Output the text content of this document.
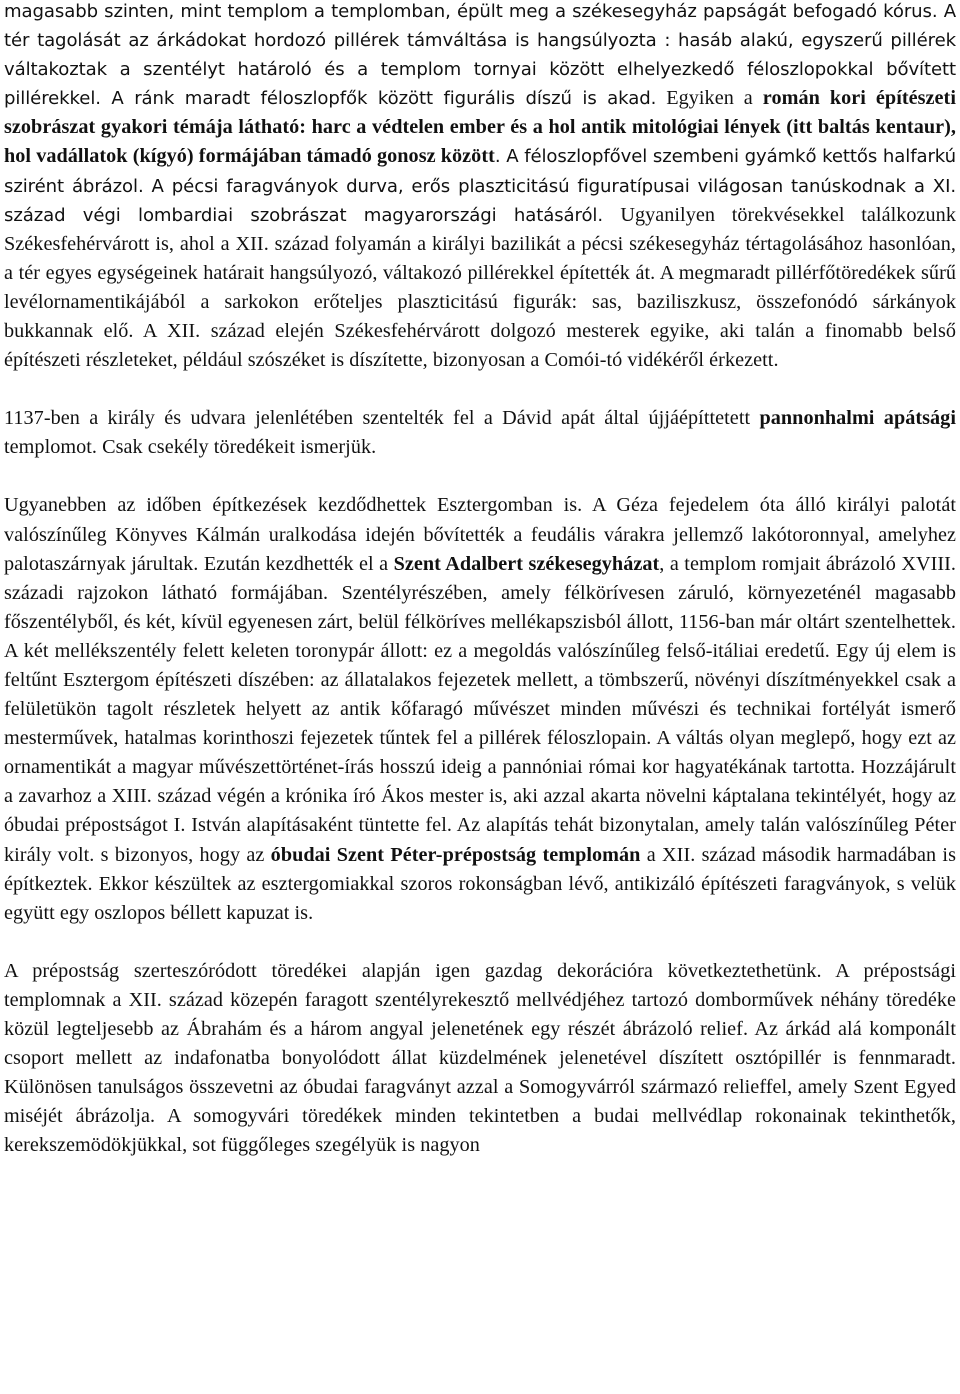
magasabb szinten, mint templom a templomban, épült meg a székesegyház papságát befogadó kórus. A tér tagolását az árkádokat hordozó pillérek támváltása is hangsúlyozta : hasáb alakú, egyszerű pillérek váltakoztak a szentélyt határoló és a templom tornyai között elhelyezkedő féloszlopokkal bővített pillérekkel. A ránk maradt féloszlopfők között figurális díszű is akad. Egyiken a román kori építészeti szobrászat gyakori témája látható: harc a védtelen ember és a hol antik mitológiai lények (itt baltás kentaur), hol vadállatok (kígyó) formájában támadó gonosz között. A féloszlopfővel szembeni gyámkő kettős halfarkú szirént ábrázol. A pécsi faragványok durva, erős plaszticitású figuratípusai világosan tanúskodnak a XI. század végi lombardiai szobrászat magyarországi hatásáról. Ugyanilyen törekvésekkel találkozunk Székesfehérvárott is, ahol a XII. század folyamán a királyi bazilikát a pécsi székesegyház tértagolásához hasonlóan, a tér egyes egységeinek határait hangsúlyozó, váltakozó pillérekkel építették át. A megmaradt pillérfőtöredékek sűrű levélornamentikájából a sarkokon erőteljes plaszticitású figurák: sas, baziliszkusz, összefonódó sárkányok bukkannak elő. A XII. század elején Székesfehérvárott dolgozó mesterek egyike, aki talán a finomabb belső építészeti részleteket, például szószéket is díszítette, bizonyosan a Comói-tó vidékéről érkezett.

1137-ben a király és udvara jelenlétében szentelték fel a Dávid apát által újjáépíttetett pannonhalmi apátsági templomot. Csak csekély töredékeit ismerjük.

Ugyanebben az időben építkezések kezdődhettek Esztergomban is. A Géza fejedelem óta álló királyi palotát valószínűleg Könyves Kálmán uralkodása idején bővítették a feudális várakra jellemző lakótoronnyal, amelyhez palotaszárnyak járultak. Ezután kezdhették el a Szent Adalbert székesegyházat, a templom romjait ábrázoló XVIII. századi rajzokon látható formájában. Szentélyrészében, amely félkörívesen záruló, környezeténél magasabb főszentélyből, és két, kívül egyenesen zárt, belül félköríves mellékapszisból állott, 1156-ban már oltárt szentelhettek. A két mellékszentély felett keleten toronypár állott: ez a megoldás valószínűleg felső-itáliai eredetű. Egy új elem is feltűnt Esztergom építészeti díszében: az állatalakos fejezetek mellett, a tömbszerű, növényi díszítményekkel csak a felületükön tagolt részletek helyett az antik kőfaragó művészet minden művészi és technikai fortélyát ismerő mesterművek, hatalmas korinthoszi fejezetek tűntek fel a pillérek féloszlopain. A váltás olyan meglepő, hogy ezt az ornamentikát a magyar művészettörténet-írás hosszú ideig a pannóniai római kor hagyatékának tartotta. Hozzájárult a zavarhoz a XIII. század végén a krónika író Ákos mester is, aki azzal akarta növelni káptalana tekintélyét, hogy az óbudai prépostságot I. István alapításaként tüntette fel. Az alapítás tehát bizonytalan, amely talán valószínűleg Péter király volt. s bizonyos, hogy az óbudai Szent Péter-prépostság templomán a XII. század második harmadában is építkeztek. Ekkor készültek az esztergomiakkal szoros rokonságban lévő, antikizáló építészeti faragványok, s velük együtt egy oszlopos béllett kapuzat is.

A prépostság szertesz​óródott töredékei alapján igen gazdag dekorációra következtethetünk. A prépostsági templomnak a XII. század közepén faragott szentélyrekesztő mellvédjéhez tartozó domborművek néhány töredéke közül legteljesebb az Ábrahám és a három angyal jelenetének egy részét ábrázoló relief. Az árkád alá komponált csoport mellett az indafonatba bonyolódott állat küzdelmének jelenetével díszített osztópillér is fennmaradt. Különösen tanulságos összevetni az óbudai faragványt azzal a Somogyvárról származó relieffel, amely Szent Egyed miséjét ábrázolja. A somogyvári töredékek minden tekintetben a budai mellvédlap rokonainak tekinthetők, kerekszemödökjükkal, sot függőleges szegélyük is nagyon
